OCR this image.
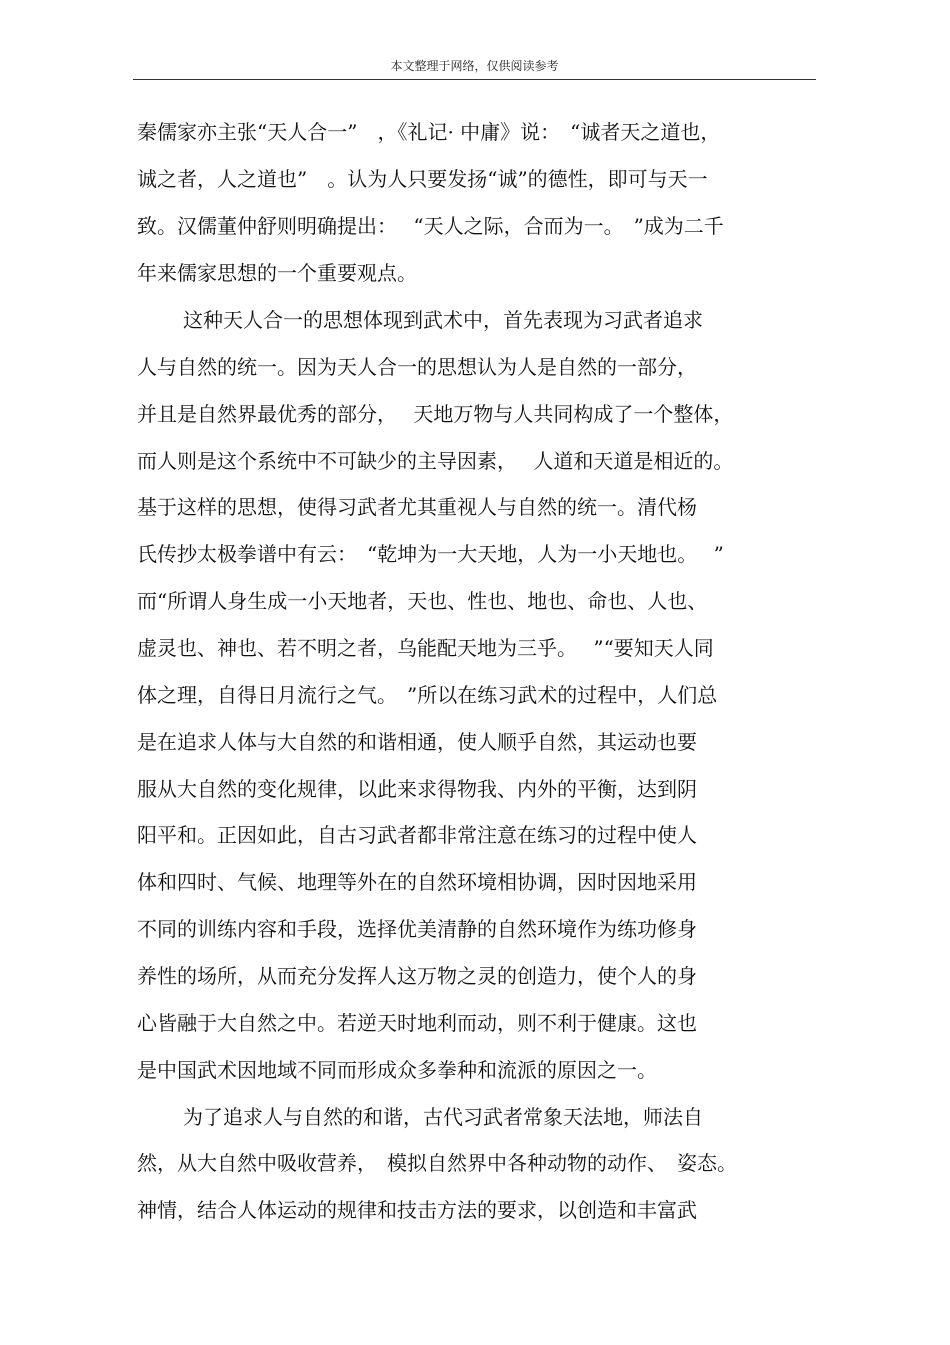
本文整理于网络，仅供阅读参考
秦儒家亦主张“天人合一”　，《礼记· 中庸》说：　“诚者天之道也，
诚之者，人之道也”　。认为人只要发扬“诚”的德性，即可与天一
致。汉儒董仲舒则明确提出：　 “天人之际，合而为一。　”成为二千
年来儒家思想的一个重要观点。
这种天人合一的思想体现到武术中，首先表现为习武者追求
人与自然的统一。因为天人合一的思想认为人是自然的一部分，
并且是自然界最优秀的部分，　 天地万物与人共同构成了一个整体，
而人则是这个系统中不可缺少的主导因素，　 人道和天道是相近的。
基于这样的思想，使得习武者尤其重视人与自然的统一。清代杨
氏传抄太极拳谱中有云：　“乾坤为一大天地，人为一小天地也。　 ”
而“所谓人身生成一小天地者，天也、性也、地也、命也、人也、
虚灵也、神也、若不明之者，乌能配天地为三乎。　 ”“要知天人同
体之理，自得日月流行之气。　”所以在练习武术的过程中，人们总
是在追求人体与大自然的和谐相通，使人顺乎自然，其运动也要
服从大自然的变化规律，以此来求得物我、内外的平衡，达到阴
阳平和。正因如此，自古习武者都非常注意在练习的过程中使人
体和四时、气候、地理等外在的自然环境相协调，因时因地采用
不同的训练内容和手段，选择优美清静的自然环境作为练功修身
养性的场所，从而充分发挥人这万物之灵的创造力，使个人的身
心皆融于大自然之中。若逆天时地利而动，则不利于健康。这也
是中国武术因地域不同而形成众多拳种和流派的原因之一。
为了追求人与自然的和谐，古代习武者常象天法地，师法自
然，从大自然中吸收营养，　模拟自然界中各种动物的动作、　姿态。
神情，结合人体运动的规律和技击方法的要求，以创造和丰富武
